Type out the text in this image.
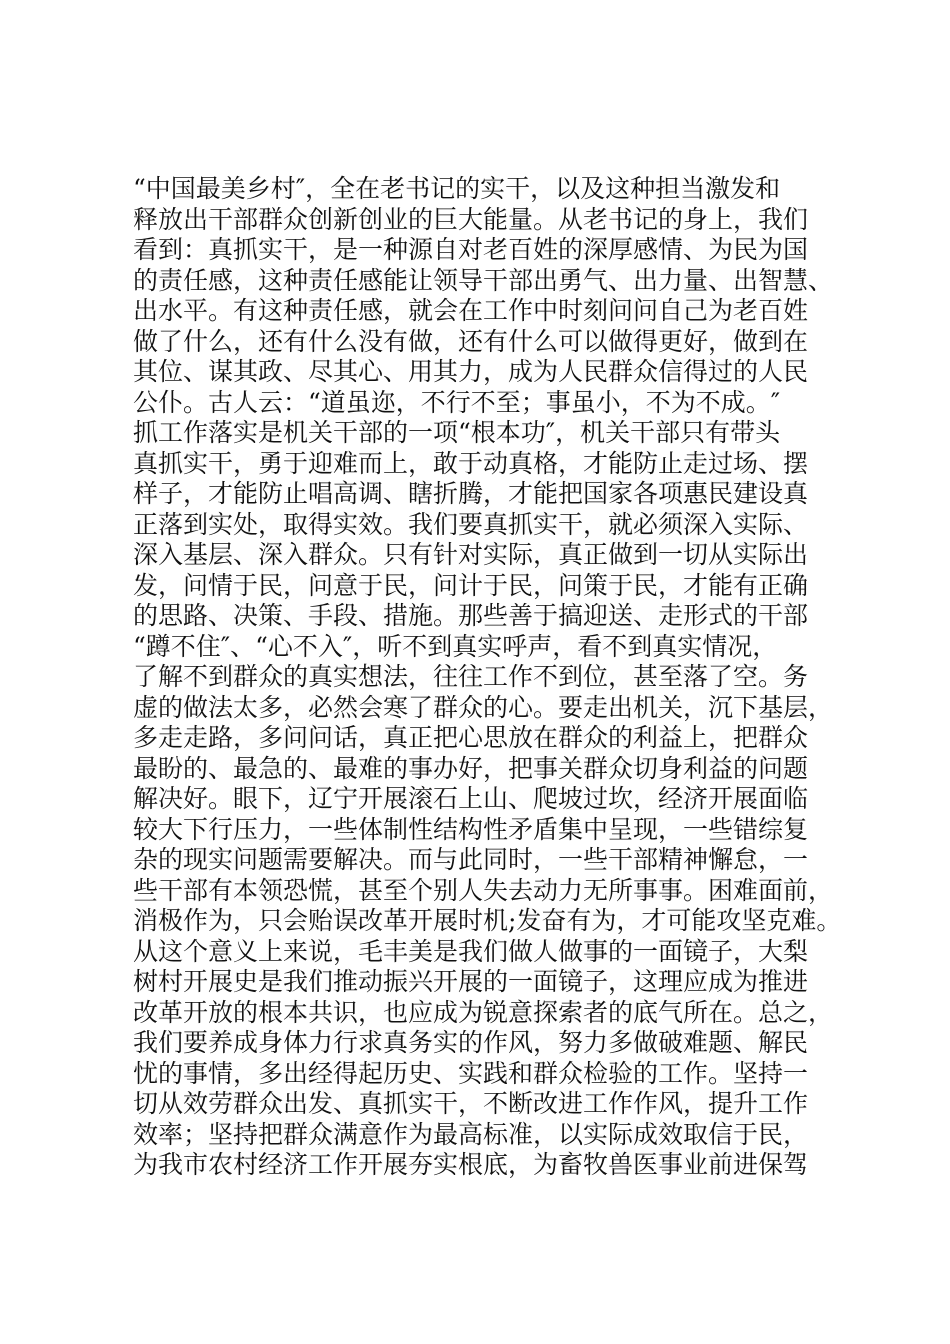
“中国最美乡村″，全在老书记的实干，以及这种担当激发和
释放出干部群众创新创业的巨大能量。从老书记的身上，我们
看到：真抓实干，是一种源自对老百姓的深厚感情、为民为国
的责任感，这种责任感能让领导干部出勇气、出力量、出智慧、
出水平。有这种责任感，就会在工作中时刻问问自己为老百姓
做了什么，还有什么没有做，还有什么可以做得更好，做到在
其位、谋其政、尽其心、用其力，成为人民群众信得过的人民
公仆。古人云：“道虽迩，不行不至；事虽小，不为不成。″
抓工作落实是机关干部的一项“根本功″，机关干部只有带头
真抓实干，勇于迎难而上，敢于动真格，才能防止走过场、摆
样子，才能防止唱高调、瞎折腾，才能把国家各项惠民建设真
正落到实处，取得实效。我们要真抓实干，就必须深入实际、
深入基层、深入群众。只有针对实际，真正做到一切从实际出
发，问情于民，问意于民，问计于民，问策于民，才能有正确
的思路、决策、手段、措施。那些善于搞迎送、走形式的干部
“蹲不住″、“心不入″，听不到真实呼声，看不到真实情况，
了解不到群众的真实想法，往往工作不到位，甚至落了空。务
虚的做法太多，必然会寒了群众的心。要走出机关，沉下基层，
多走走路，多问问话，真正把心思放在群众的利益上，把群众
最盼的、最急的、最难的事办好，把事关群众切身利益的问题
解决好。眼下，辽宁开展滚石上山、爬坡过坎，经济开展面临
较大下行压力，一些体制性结构性矛盾集中呈现，一些错综复
杂的现实问题需要解决。而与此同时，一些干部精神懈怠，一
些干部有本领恐慌，甚至个别人失去动力无所事事。困难面前，
消极作为，只会贻误改革开展时机;发奋有为，才可能攻坚克难。
从这个意义上来说，毛丰美是我们做人做事的一面镜子，大梨
树村开展史是我们推动振兴开展的一面镜子，这理应成为推进
改革开放的根本共识，也应成为锐意探索者的底气所在。总之，
我们要养成身体力行求真务实的作风，努力多做破难题、解民
忧的事情，多出经得起历史、实践和群众检验的工作。坚持一
切从效劳群众出发、真抓实干，不断改进工作作风，提升工作
效率；坚持把群众满意作为最高标准，以实际成效取信于民，
为我市农村经济工作开展夯实根底，为畜牧兽医事业前进保驾
